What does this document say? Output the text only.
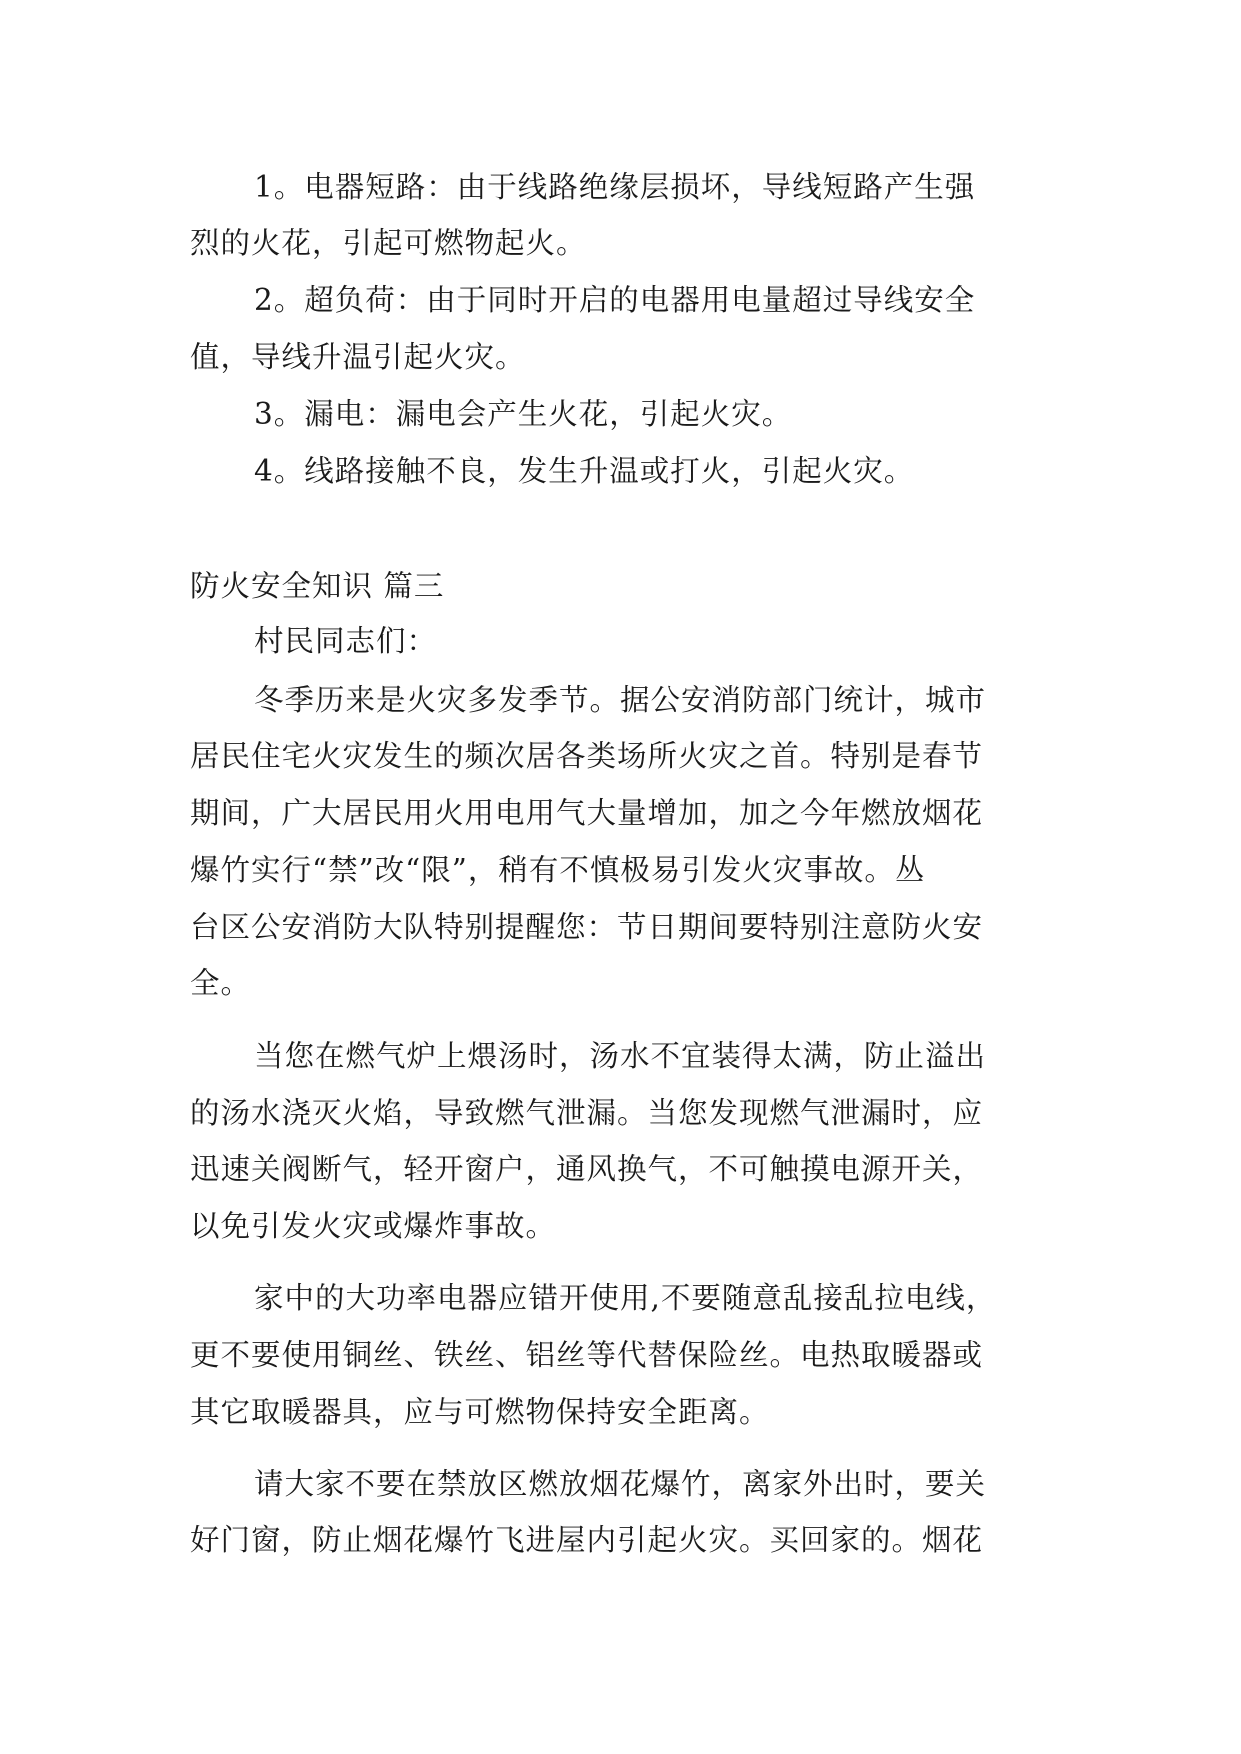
1。电器短路：由于线路绝缘层损坏，导线短路产生强
烈的火花，引起可燃物起火。
2。超负荷：由于同时开启的电器用电量超过导线安全
值，导线升温引起火灾。
3。漏电：漏电会产生火花，引起火灾。
4。线路接触不良，发生升温或打火，引起火灾。
防火安全知识 篇三
村民同志们：
冬季历来是火灾多发季节。据公安消防部门统计，城市
居民住宅火灾发生的频次居各类场所火灾之首。特别是春节
期间，广大居民用火用电用气大量增加，加之今年燃放烟花
爆竹实行“禁”改“限”，稍有不慎极易引发火灾事故。丛
台区公安消防大队特别提醒您：节日期间要特别注意防火安
全。
当您在燃气炉上煨汤时，汤水不宜装得太满，防止溢出
的汤水浇灭火焰，导致燃气泄漏。当您发现燃气泄漏时，应
迅速关阀断气，轻开窗户，通风换气，不可触摸电源开关，
以免引发火灾或爆炸事故。
家中的大功率电器应错开使用,不要随意乱接乱拉电线，
更不要使用铜丝、铁丝、铝丝等代替保险丝。电热取暖器或
其它取暖器具，应与可燃物保持安全距离。
请大家不要在禁放区燃放烟花爆竹，离家外出时，要关
好门窗，防止烟花爆竹飞进屋内引起火灾。买回家的。烟花
